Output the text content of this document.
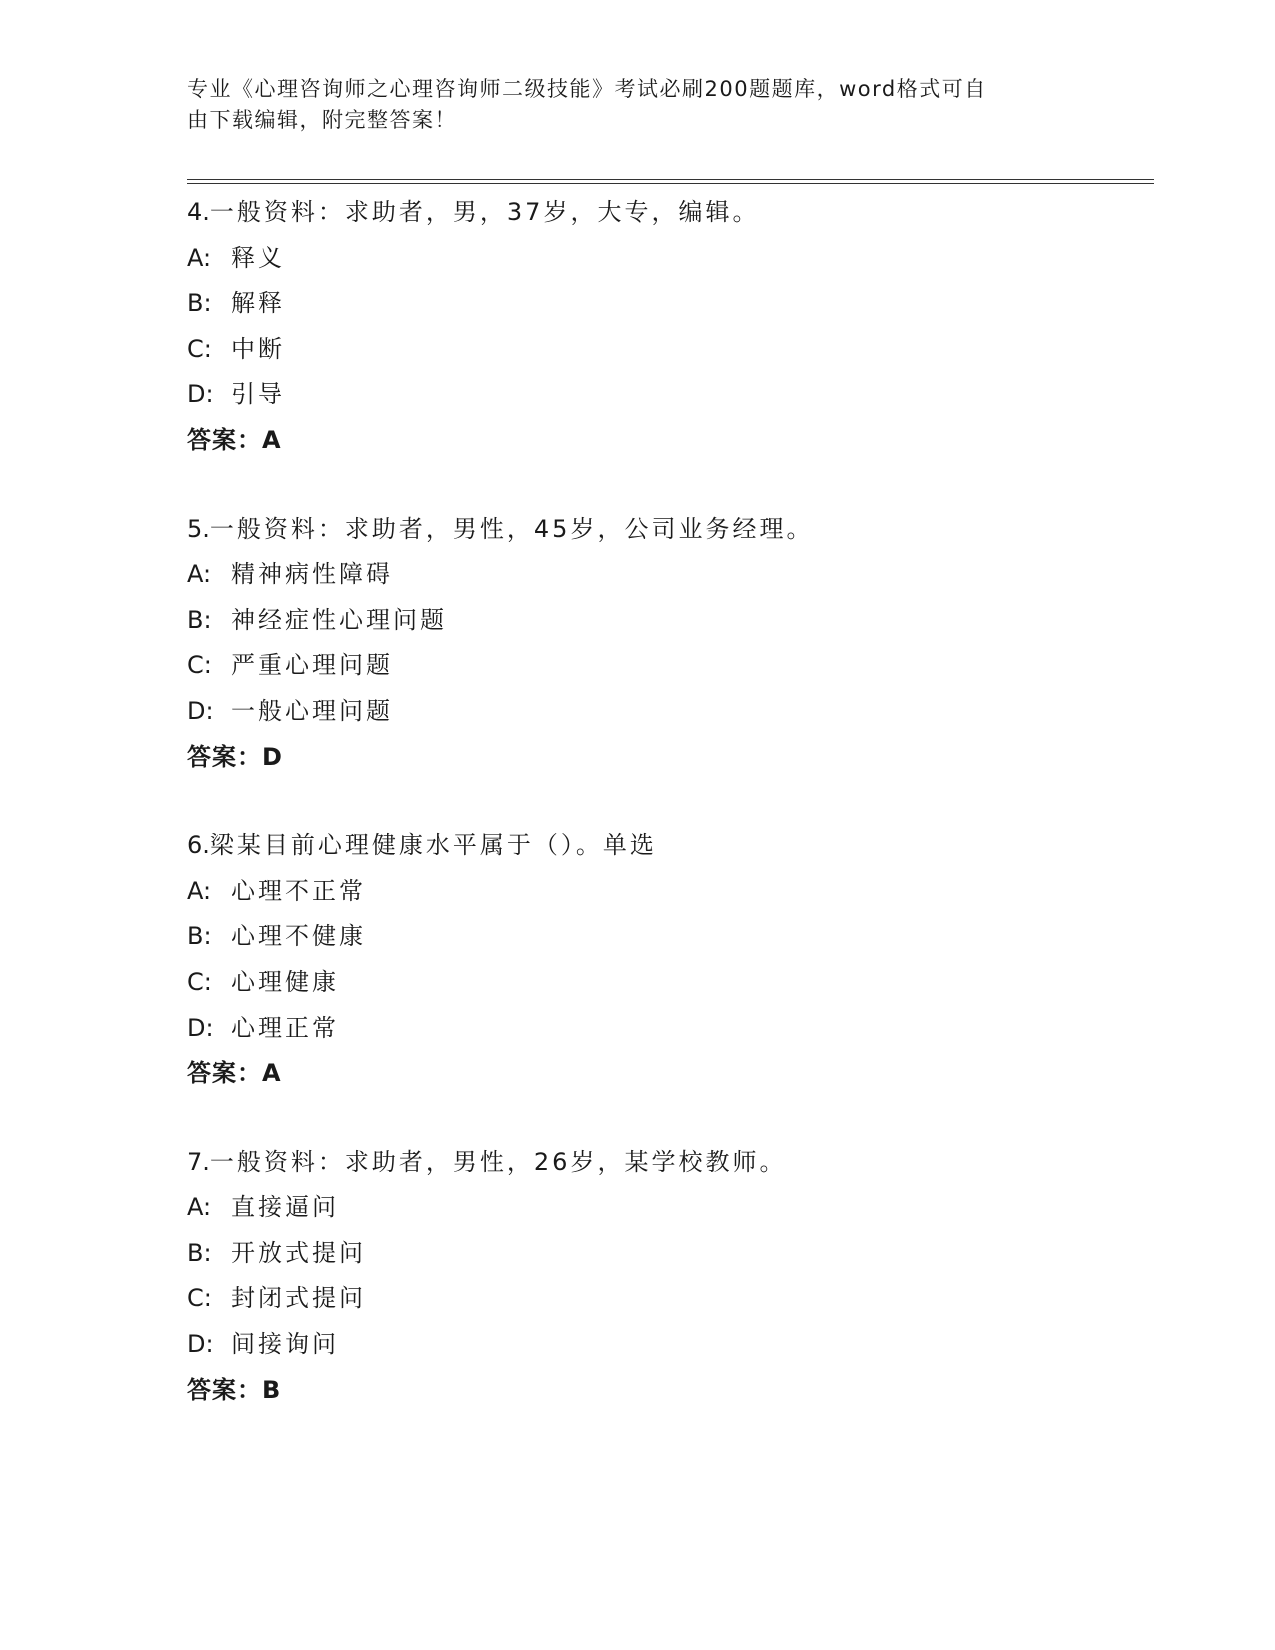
专业《心理咨询师之心理咨询师二级技能》考试必刷200题题库，word格式可自
由下载编辑，附完整答案！
4.一般资料：求助者，男，37岁，大专，编辑。
A: 释义
B: 解释
C: 中断
D: 引导
答案：A
5.一般资料：求助者，男性，45岁，公司业务经理。
A: 精神病性障碍
B: 神经症性心理问题
C: 严重心理问题
D: 一般心理问题
答案：D
6.梁某目前心理健康水平属于（）。单选
A: 心理不正常
B: 心理不健康
C: 心理健康
D: 心理正常
答案：A
7.一般资料：求助者，男性，26岁，某学校教师。
A: 直接逼问
B: 开放式提问
C: 封闭式提问
D: 间接询问
答案：B
